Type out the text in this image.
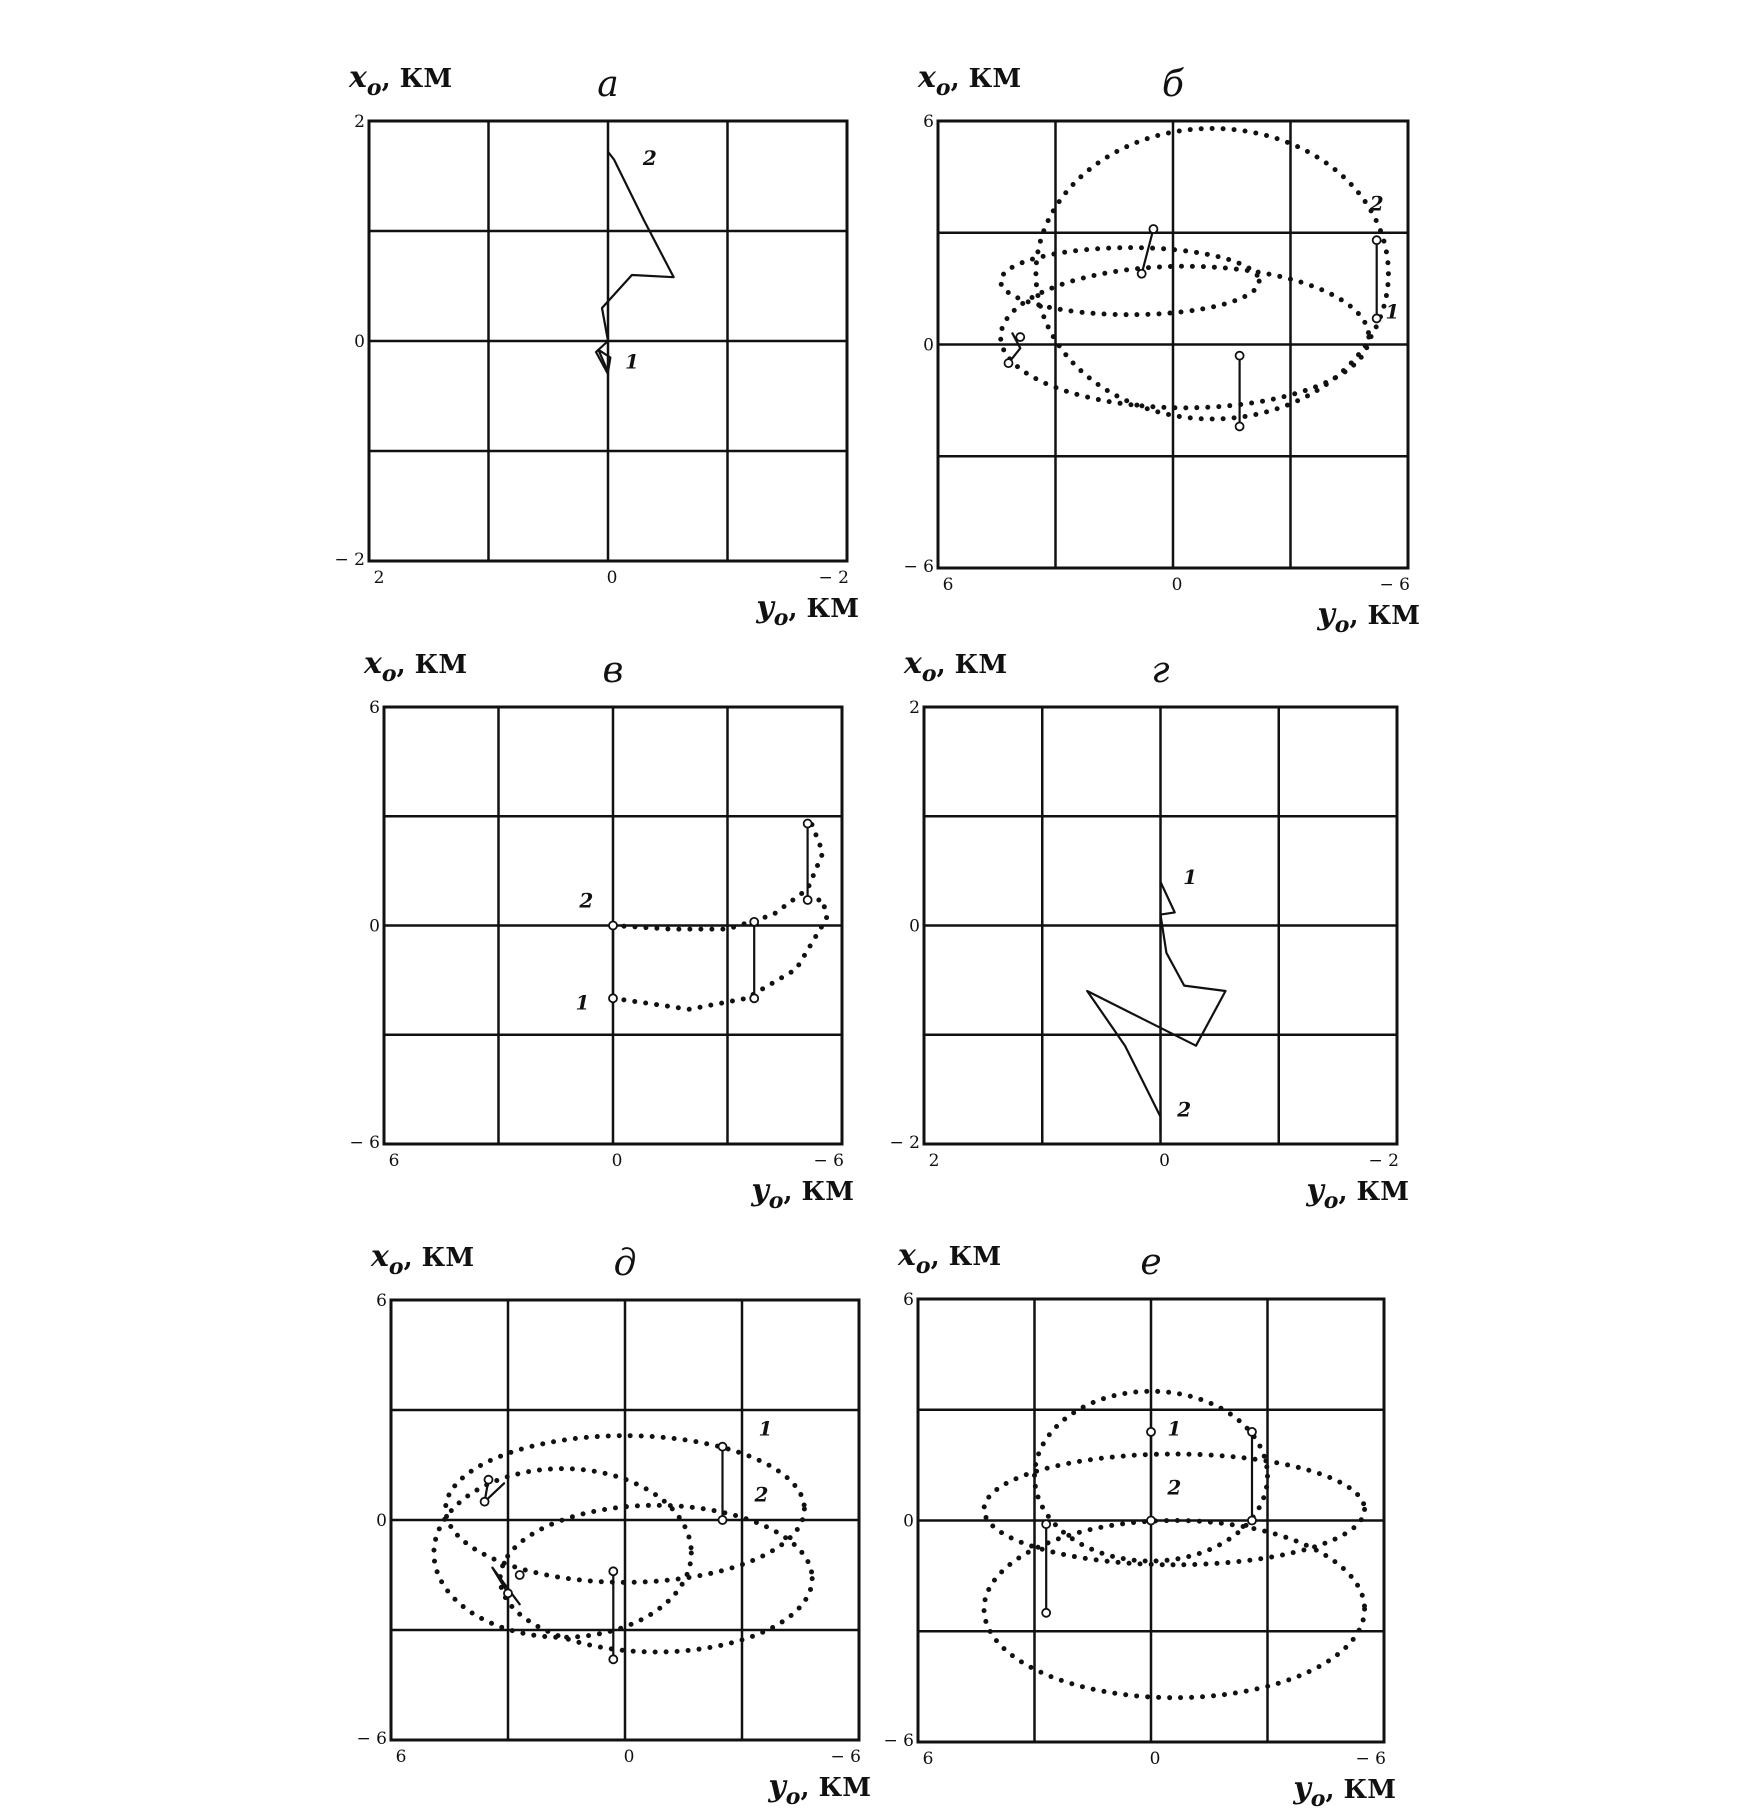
2
0
− 2
2	0	− 2
а
$x_о$, КМ
$y_о$, КМ
1
2
6
0
− 6
6	0	− 6
б
$x_о$, КМ
$y_о$, КМ
1
2
6
0
− 6
6	0	− 6
в
$x_о$, КМ
$y_о$, КМ
2
1
2
0
− 2
2	0	− 2
г
$x_о$, КМ
$y_о$, КМ
1
2
6
0
− 6
6	0	− 6
д
$x_о$, КМ
$y_о$, КМ
1
2
6
0
− 6
6	0	− 6
е
$x_о$, КМ
$y_о$, КМ
1
2
